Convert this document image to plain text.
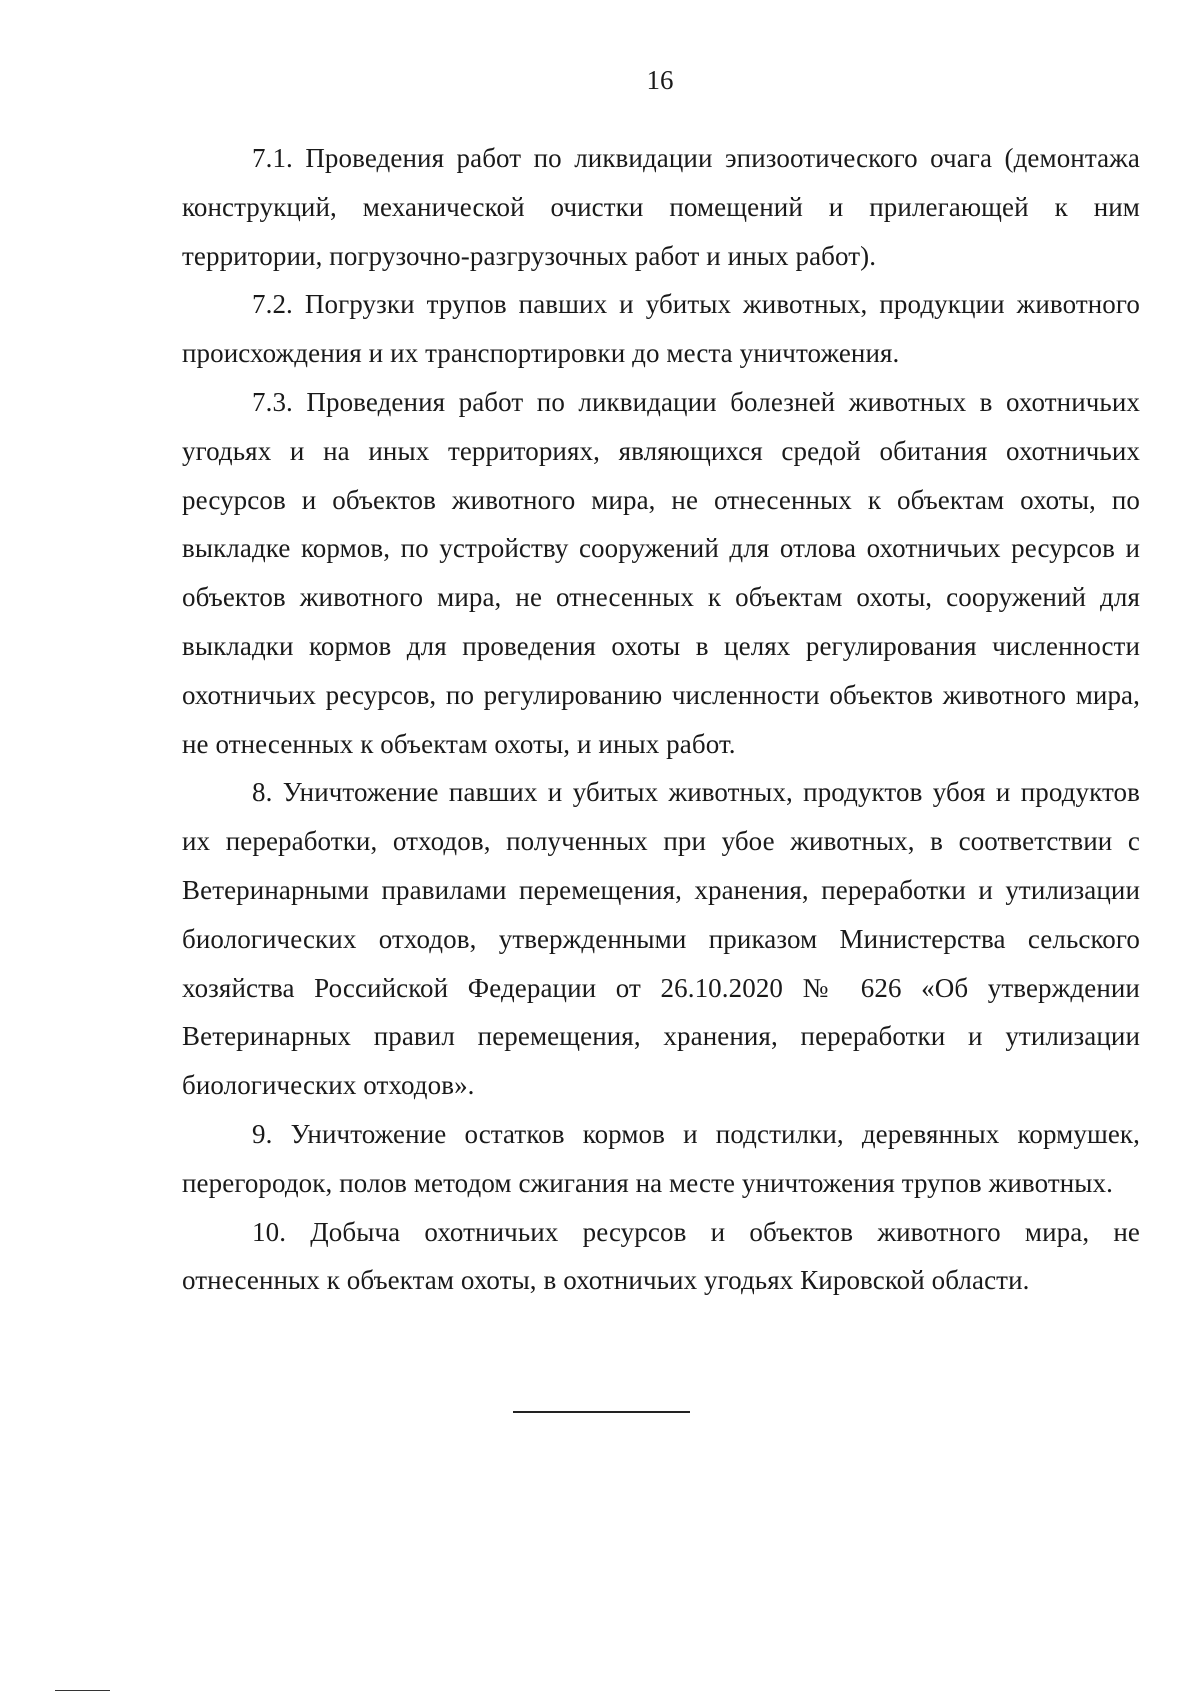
16

7.1. Проведения работ по ликвидации эпизоотического очага (демонтажа конструкций, механической очистки помещений и прилегающей к ним территории, погрузочно-разгрузочных работ и иных работ).

7.2. Погрузки трупов павших и убитых животных, продукции животного происхождения и их транспортировки до места уничтожения.

7.3. Проведения работ по ликвидации болезней животных в охотничьих угодьях и на иных территориях, являющихся средой обитания охотничьих ресурсов и объектов животного мира, не отнесенных к объектам охоты, по выкладке кормов, по устройству сооружений для отлова охотничьих ресурсов и объектов животного мира, не отнесенных к объектам охоты, сооружений для выкладки кормов для проведения охоты в целях регулирования численности охотничьих ресурсов, по регулированию численности объектов животного мира, не отнесенных к объектам охоты, и иных работ.

8. Уничтожение павших и убитых животных, продуктов убоя и продуктов их переработки, отходов, полученных при убое животных, в соответствии с Ветеринарными правилами перемещения, хранения, переработки и утилизации биологических отходов, утвержденными приказом Министерства сельского хозяйства Российской Федерации от 26.10.2020 № 626 «Об утверждении Ветеринарных правил перемещения, хранения, переработки и утилизации биологических отходов».

9. Уничтожение остатков кормов и подстилки, деревянных кормушек, перегородок, полов методом сжигания на месте уничтожения трупов животных.

10. Добыча охотничьих ресурсов и объектов животного мира, не отнесенных к объектам охоты, в охотничьих угодьях Кировской области.
